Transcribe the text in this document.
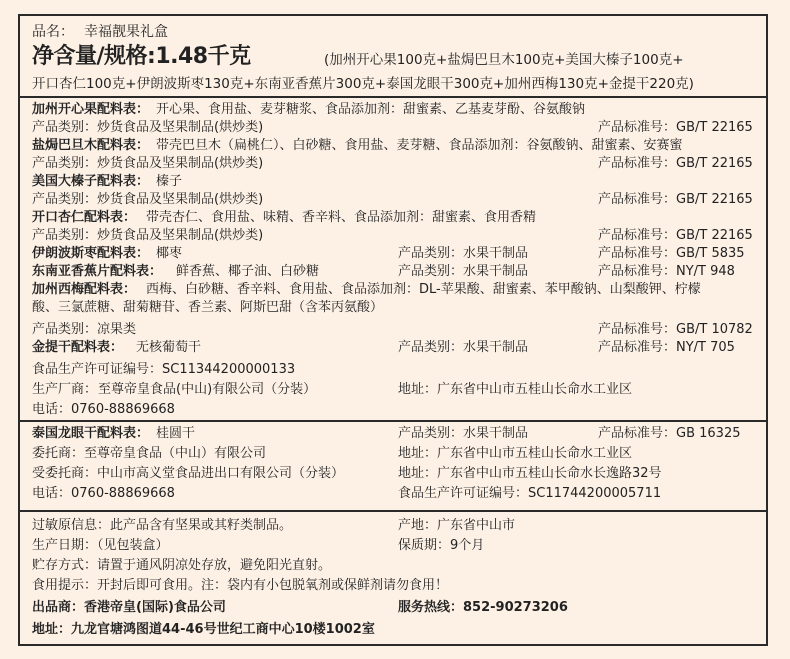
品名： 幸福靓果礼盒
净含量/规格:1.48千克	(加州开心果100克+盐焗巴旦木100克+美国大榛子100克+
开口杏仁100克+伊朗波斯枣130克+东南亚香蕉片300克+泰国龙眼干300克+加州西梅130克+金提干220克)
加州开心果配料表： 开心果、食用盐、麦芽糖浆、食品添加剂：甜蜜素、乙基麦芽酚、谷氨酸钠
产品类别：炒货食品及坚果制品(烘炒类)	产品标准号：GB/T 22165
盐焗巴旦木配料表： 带壳巴旦木（扁桃仁）、白砂糖、食用盐、麦芽糖、食品添加剂：谷氨酸钠、甜蜜素、安赛蜜
产品类别：炒货食品及坚果制品(烘炒类)	产品标准号：GB/T 22165
美国大榛子配料表： 榛子
产品类别：炒货食品及坚果制品(烘炒类)	产品标准号：GB/T 22165
开口杏仁配料表： 带壳杏仁、食用盐、味精、香辛料、食品添加剂：甜蜜素、食用香精
产品类别：炒货食品及坚果制品(烘炒类)	产品标准号：GB/T 22165
伊朗波斯枣配料表： 椰枣	产品类别：水果干制品	产品标准号：GB/T 5835
东南亚香蕉片配料表： 鲜香蕉、椰子油、白砂糖	产品类别：水果干制品	产品标准号：NY/T 948
加州西梅配料表： 西梅、白砂糖、香辛料、食用盐、食品添加剂：DL-苹果酸、甜蜜素、苯甲酸钠、山梨酸钾、柠檬
酸、三氯蔗糖、甜菊糖苷、香兰素、阿斯巴甜（含苯丙氨酸）
产品类别：凉果类	产品标准号：GB/T 10782
金提干配料表： 无核葡萄干	产品类别：水果干制品	产品标准号：NY/T 705
食品生产许可证编号：SC11344200000133
生产厂商： 至尊帝皇食品(中山)有限公司（分装）	地址：广东省中山市五桂山长命水工业区
电话：0760-88869668
泰国龙眼干配料表： 桂圆干	产品类别：水果干制品	产品标准号：GB 16325
委托商：至尊帝皇食品（中山）有限公司	地址：广东省中山市五桂山长命水工业区
受委托商：中山市高义堂食品进出口有限公司（分装）	地址：广东省中山市五桂山长命水长逸路32号
电话：0760-88869668	食品生产许可证编号：SC11744200005711
过敏原信息：此产品含有坚果或其籽类制品。	产地：广东省中山市
生产日期：（见包装盒）	保质期：9个月
贮存方式：请置于通风阴凉处存放，避免阳光直射。
食用提示：开封后即可食用。注：袋内有小包脱氧剂或保鲜剂请勿食用！
出品商：香港帝皇(国际)食品公司	服务热线：852-90273206
地址：九龙官塘鸿图道44-46号世纪工商中心10楼1002室
